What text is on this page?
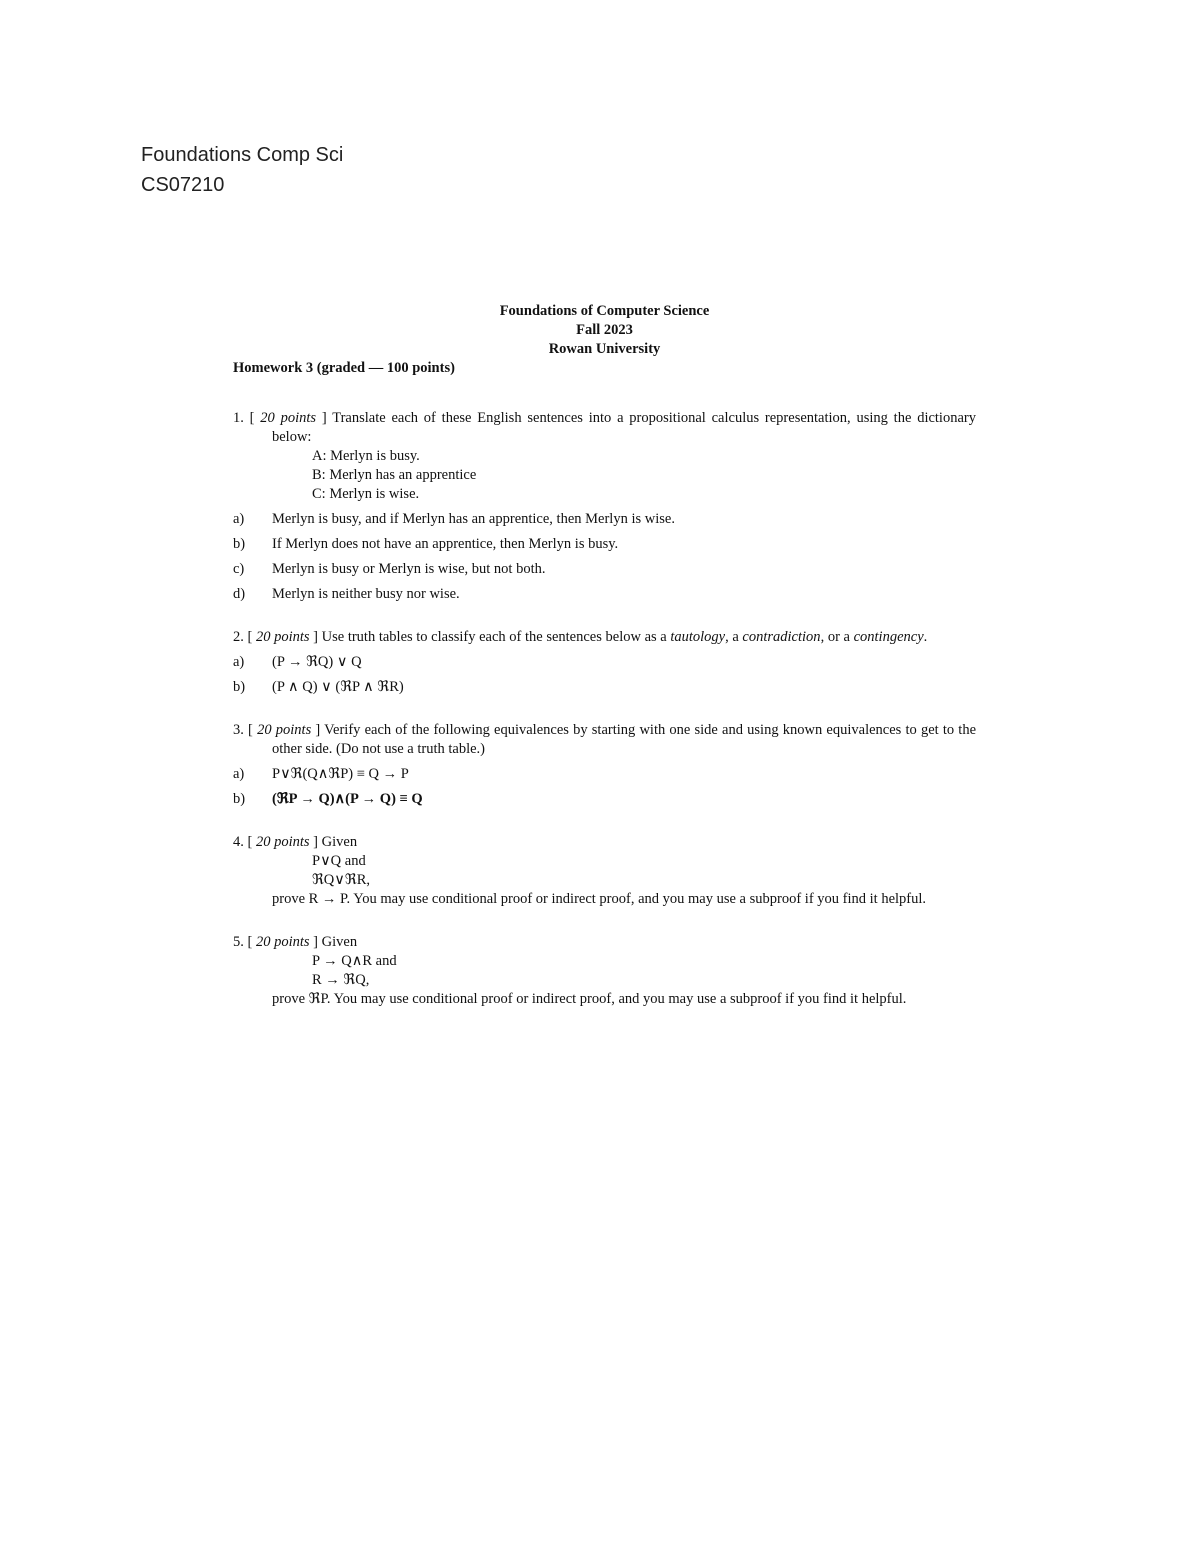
Foundations Comp Sci
CS07210
Foundations of Computer Science
Fall 2023
Rowan University
Homework 3 (graded — 100 points)
1. [ 20 points ] Translate each of these English sentences into a propositional calculus representation, using the dictionary below:
A: Merlyn is busy.
B: Merlyn has an apprentice
C: Merlyn is wise.
a)	Merlyn is busy, and if Merlyn has an apprentice, then Merlyn is wise.
b)	If Merlyn does not have an apprentice, then Merlyn is busy.
c)	Merlyn is busy or Merlyn is wise, but not both.
d)	Merlyn is neither busy nor wise.
2. [ 20 points ] Use truth tables to classify each of the sentences below as a tautology, a contradiction, or a contingency.
a)	(P → ℜQ) ∨ Q
b)	(P ∧ Q) ∨ (ℜP ∧ ℜR)
3. [ 20 points ] Verify each of the following equivalences by starting with one side and using known equivalences to get to the other side. (Do not use a truth table.)
a)	P∨ℜ(Q∧ℜP) ≡ Q → P
b)	(ℜP → Q)∧(P → Q) ≡ Q
4. [ 20 points ] Given
P∨Q and
ℜQ∨ℜR,
prove R → P. You may use conditional proof or indirect proof, and you may use a subproof if you find it helpful.
5. [ 20 points ] Given
P → Q∧R and
R → ℜQ,
prove ℜP. You may use conditional proof or indirect proof, and you may use a subproof if you find it helpful.
